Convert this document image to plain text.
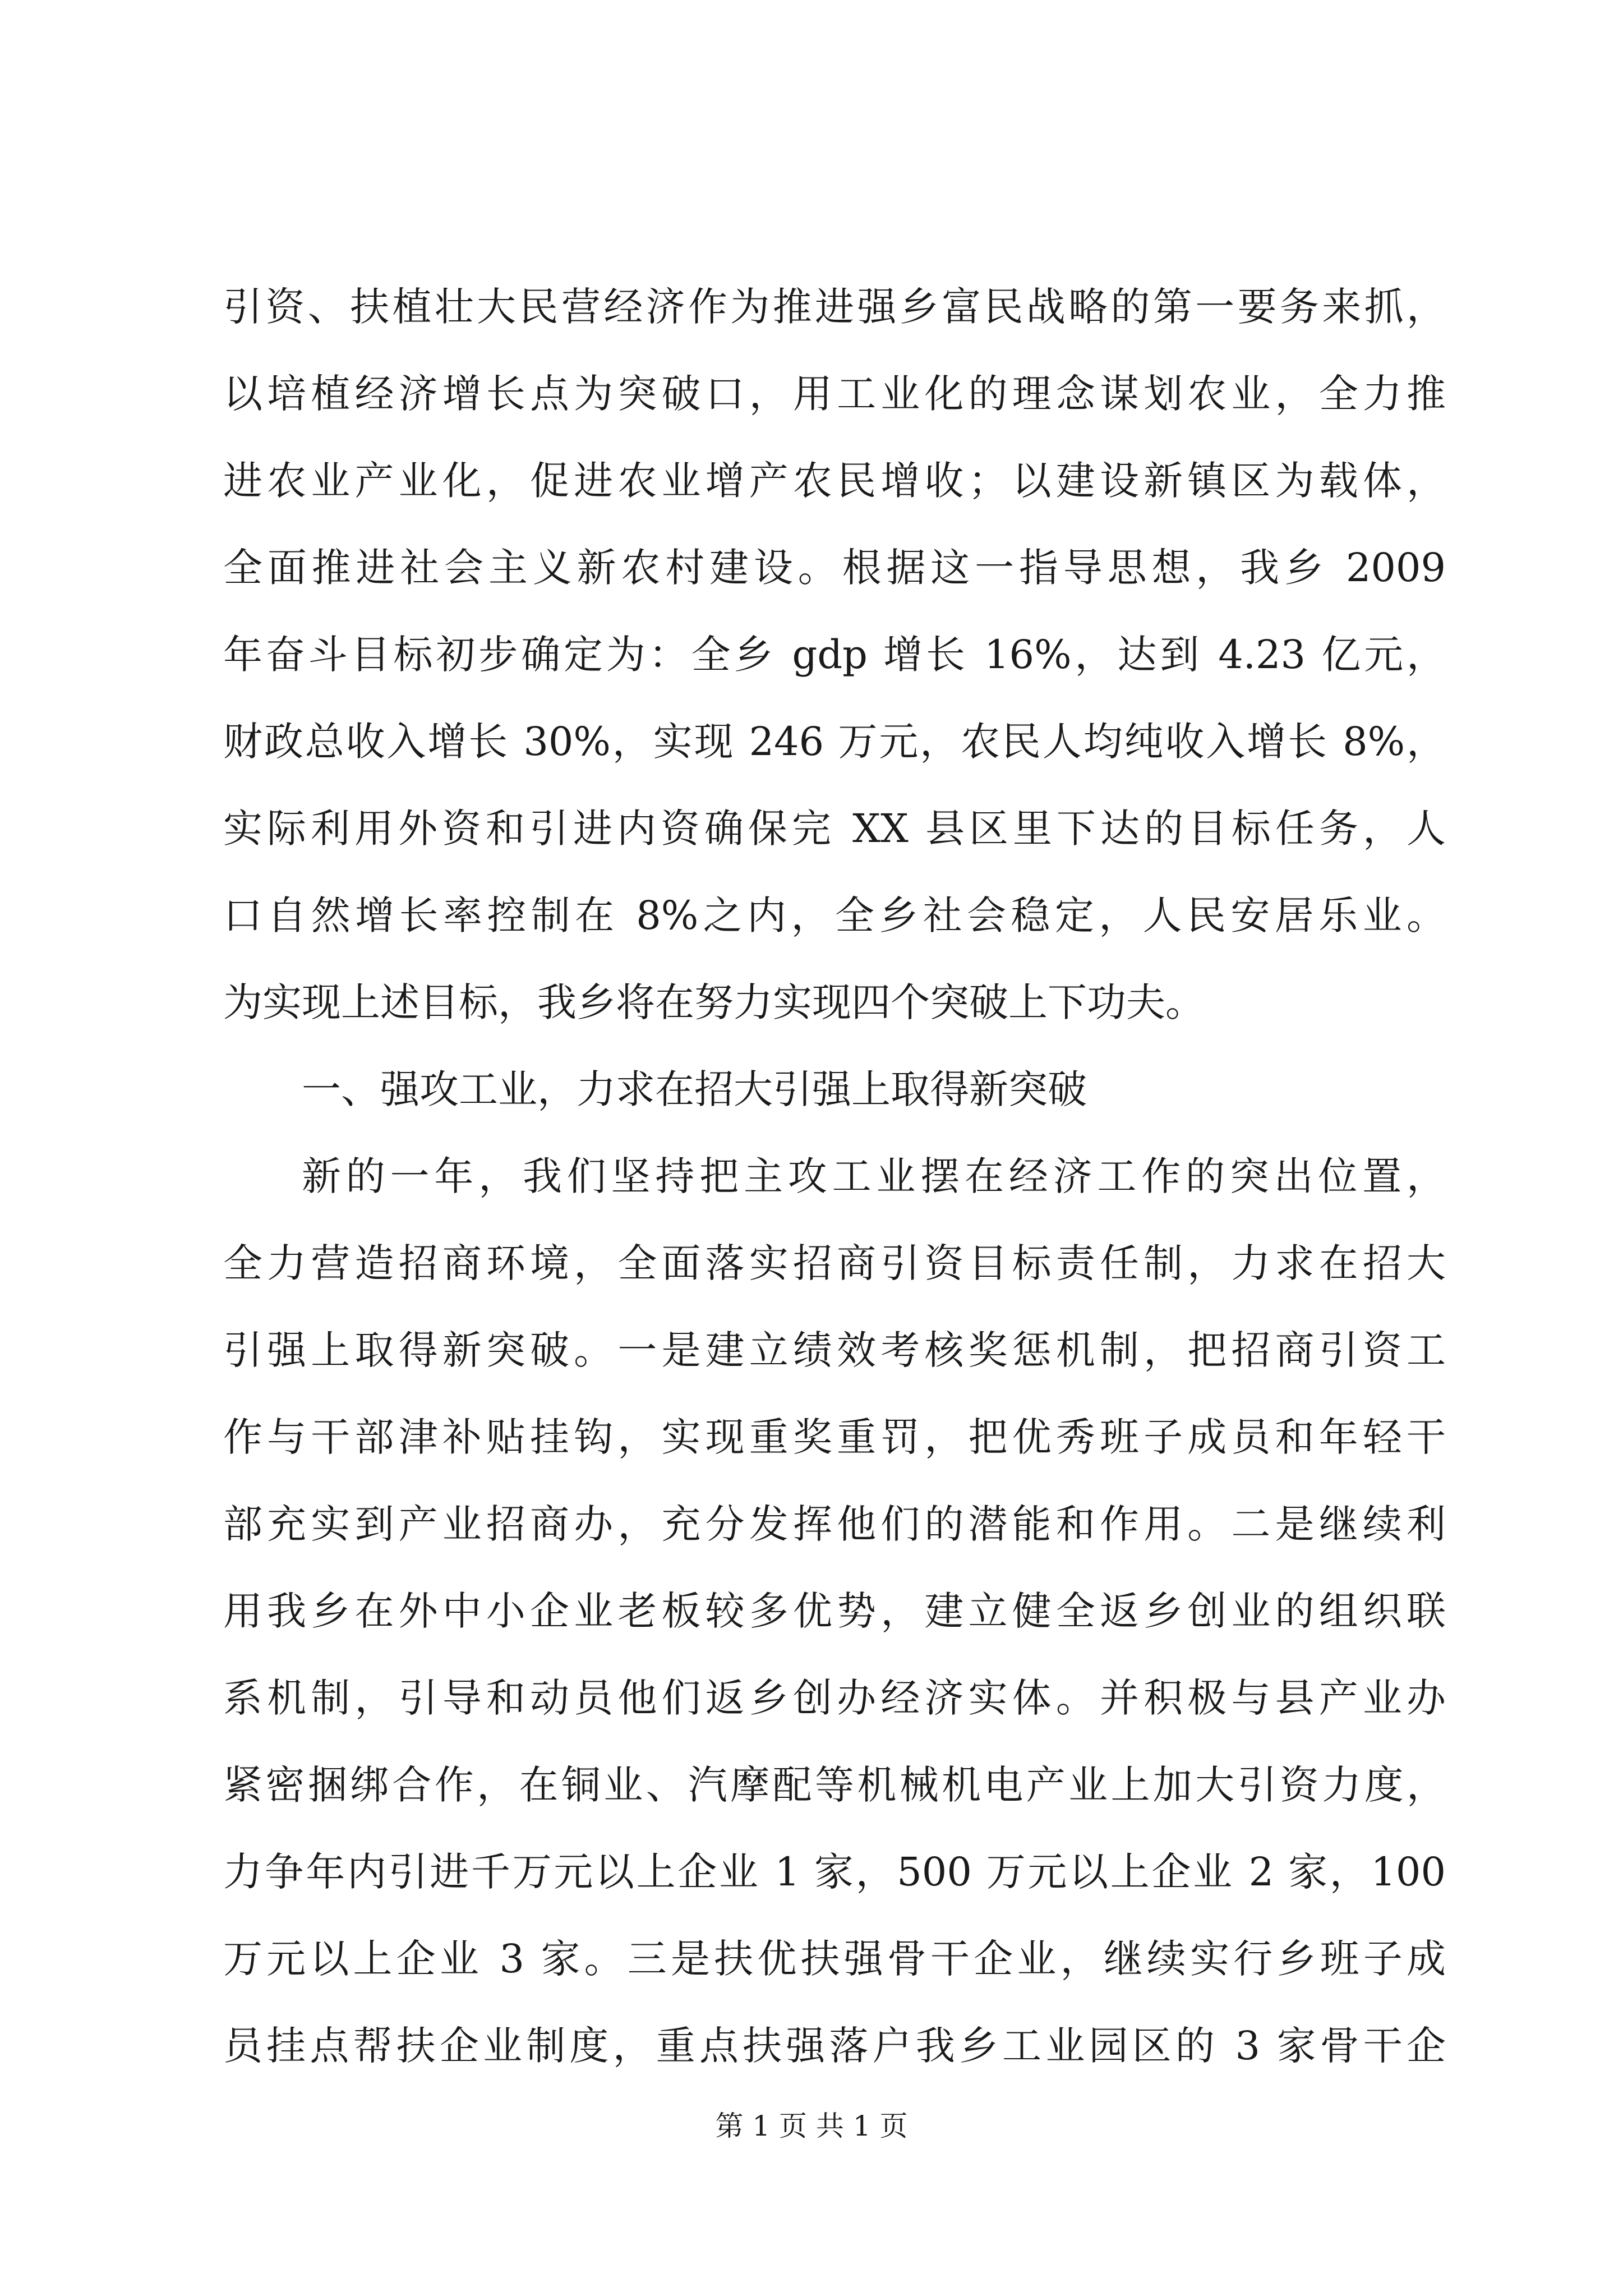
引资、扶植壮大民营经济作为推进强乡富民战略的第一要务来抓，
以培植经济增长点为突破口，用工业化的理念谋划农业，全力推
进农业产业化，促进农业增产农民增收；以建设新镇区为载体，
全面推进社会主义新农村建设。根据这一指导思想，我乡 2009
年奋斗目标初步确定为：全乡 gdp 增长 16%，达到 4.23 亿元，
财政总收入增长 30%，实现 246 万元，农民人均纯收入增长 8%，
实际利用外资和引进内资确保完 XX 县区里下达的目标任务，人
口自然增长率控制在 8%之内，全乡社会稳定，人民安居乐业。
为实现上述目标，我乡将在努力实现四个突破上下功夫。
一、强攻工业，力求在招大引强上取得新突破
新的一年，我们坚持把主攻工业摆在经济工作的突出位置，
全力营造招商环境，全面落实招商引资目标责任制，力求在招大
引强上取得新突破。一是建立绩效考核奖惩机制，把招商引资工
作与干部津补贴挂钩，实现重奖重罚，把优秀班子成员和年轻干
部充实到产业招商办，充分发挥他们的潜能和作用。二是继续利
用我乡在外中小企业老板较多优势，建立健全返乡创业的组织联
系机制，引导和动员他们返乡创办经济实体。并积极与县产业办
紧密捆绑合作，在铜业、汽摩配等机械机电产业上加大引资力度，
力争年内引进千万元以上企业 1 家，500 万元以上企业 2 家，100
万元以上企业 3 家。三是扶优扶强骨干企业，继续实行乡班子成
员挂点帮扶企业制度，重点扶强落户我乡工业园区的 3 家骨干企
第 1 页 共 1 页
